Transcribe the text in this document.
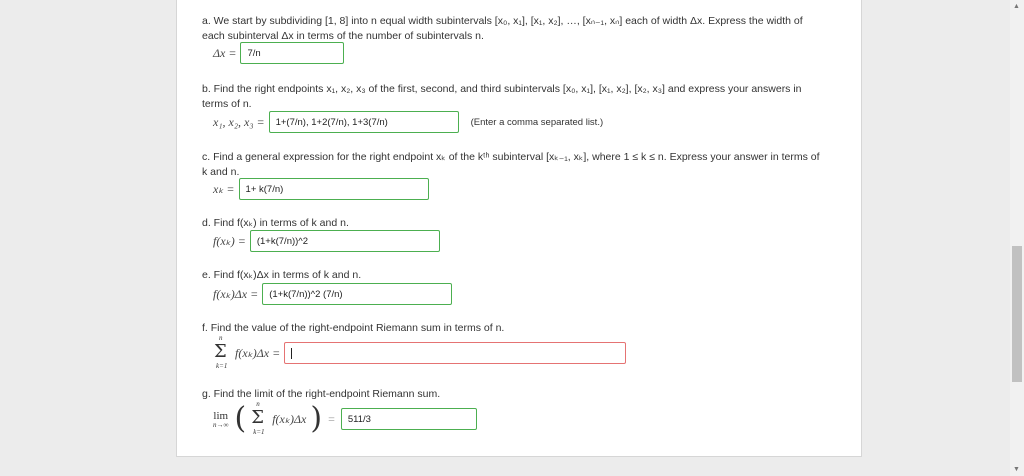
a. We start by subdividing [1, 8] into n equal width subintervals [x₀, x₁], [x₁, x₂], …, [xₙ₋₁, xₙ] each of width Δx. Express the width of
each subinterval Δx in terms of the number of subintervals n.
Δx =	7/n
b. Find the right endpoints x₁, x₂, x₃ of the first, second, and third subintervals [x₀, x₁], [x₁, x₂], [x₂, x₃] and express your answers in
terms of n.
x₁, x₂, x₃ =	1+(7/n), 1+2(7/n), 1+3(7/n)	(Enter a comma separated list.)
c. Find a general expression for the right endpoint xₖ of the kᵗʰ subinterval [xₖ₋₁, xₖ], where 1 ≤ k ≤ n. Express your answer in terms of
k and n.
xₖ =	1+ k(7/n)
d. Find f(xₖ) in terms of k and n.
f(xₖ) =	(1+k(7/n))^2
e. Find f(xₖ)Δx in terms of k and n.
f(xₖ)Δx =	(1+k(7/n))^2 (7/n)
f. Find the value of the right-endpoint Riemann sum in terms of n.
n
Σ
k=1
f(xₖ)Δx =
g. Find the limit of the right-endpoint Riemann sum.
lim
n→∞ ( n
Σ
k=1
f(xₖ)Δx ) =	511/3
▲
▼
